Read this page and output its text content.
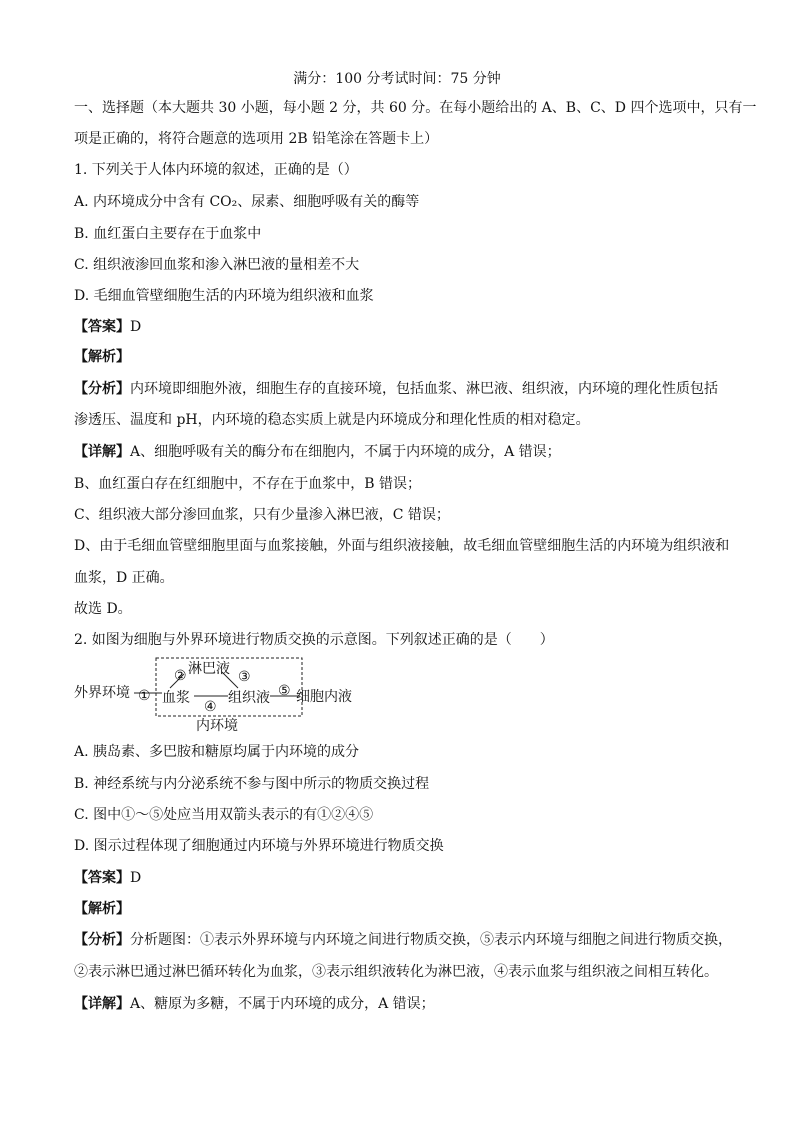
满分：100 分考试时间：75 分钟
一、选择题（本大题共 30 小题，每小题 2 分，共 60 分。在每小题给出的 A、B、C、D 四个选项中，只有一
项是正确的，将符合题意的选项用 2B 铅笔涂在答题卡上）
1. 下列关于人体内环境的叙述，正确的是（）
A. 内环境成分中含有 CO₂、尿素、细胞呼吸有关的酶等
B. 血红蛋白主要存在于血浆中
C. 组织液渗回血浆和渗入淋巴液的量相差不大
D. 毛细血管壁细胞生活的内环境为组织液和血浆
【答案】D
【解析】
【分析】内环境即细胞外液，细胞生存的直接环境，包括血浆、淋巴液、组织液，内环境的理化性质包括
渗透压、温度和 pH，内环境的稳态实质上就是内环境成分和理化性质的相对稳定。
【详解】A、细胞呼吸有关的酶分布在细胞内，不属于内环境的成分，A 错误；
B、血红蛋白存在红细胞中，不存在于血浆中，B 错误；
C、组织液大部分渗回血浆，只有少量渗入淋巴液，C 错误；
D、由于毛细血管壁细胞里面与血浆接触，外面与组织液接触，故毛细血管壁细胞生活的内环境为组织液和
血浆，D 正确。
故选 D。
2. 如图为细胞与外界环境进行物质交换的示意图。下列叙述正确的是（　　）
外界环境 ①
② 淋巴液 ③
血浆
④
组织液 ⑤ 细胞内液
内环境
A. 胰岛素、多巴胺和糖原均属于内环境的成分
B. 神经系统与内分泌系统不参与图中所示的物质交换过程
C. 图中①～⑤处应当用双箭头表示的有①②④⑤
D. 图示过程体现了细胞通过内环境与外界环境进行物质交换
【答案】D
【解析】
【分析】分析题图：①表示外界环境与内环境之间进行物质交换，⑤表示内环境与细胞之间进行物质交换，
②表示淋巴通过淋巴循环转化为血浆，③表示组织液转化为淋巴液，④表示血浆与组织液之间相互转化。
【详解】A、糖原为多糖，不属于内环境的成分，A 错误；
